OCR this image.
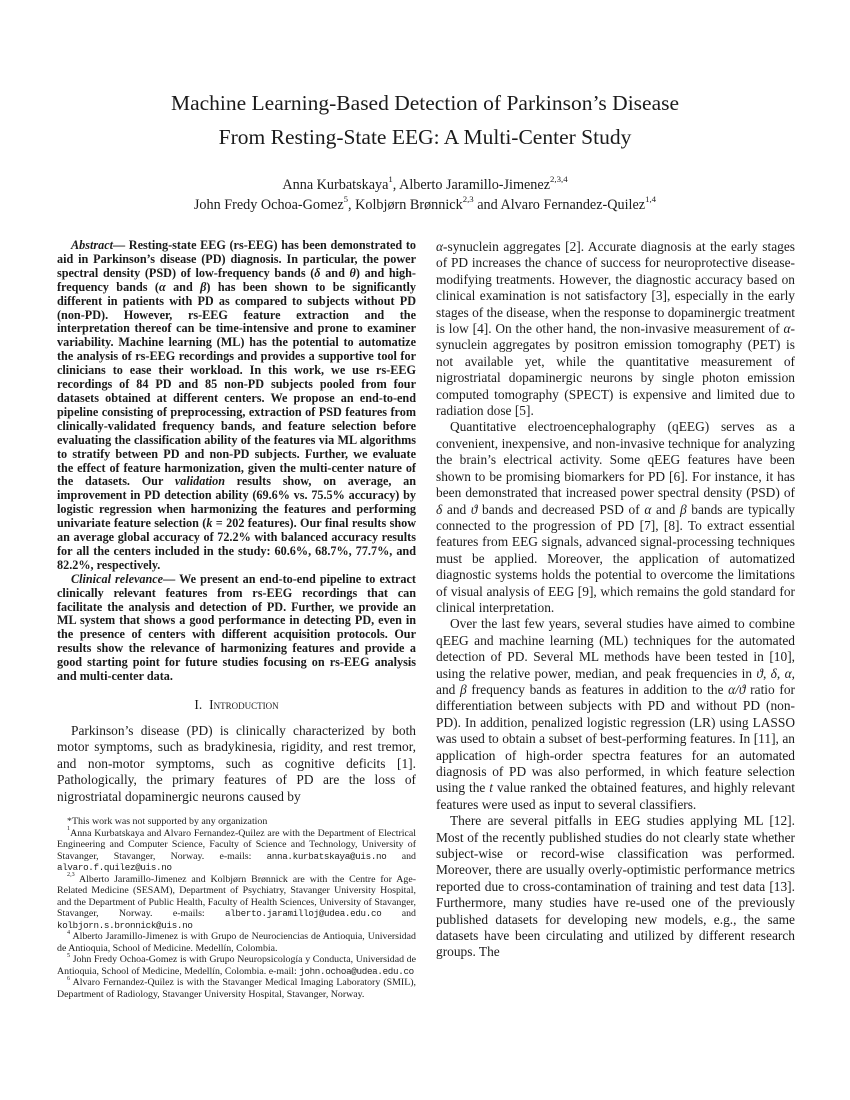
Machine Learning-Based Detection of Parkinson’s Disease
From Resting-State EEG: A Multi-Center Study
Anna Kurbatskaya$^1$, Alberto Jaramillo-Jimenez$^{2,3,4}$
John Fredy Ochoa-Gomez$^5$, Kolbjørn Brønnick$^{2,3}$ and Alvaro Fernandez-Quilez$^{1,4}$

Abstract— Resting-state EEG (rs-EEG) has been demonstrated to aid in Parkinson’s disease (PD) diagnosis. In particular, the power spectral density (PSD) of low-frequency bands (δ and θ) and high-frequency bands (α and β) has been shown to be significantly different in patients with PD as compared to subjects without PD (non-PD). However, rs-EEG feature extraction and the interpretation thereof can be time-intensive and prone to examiner variability. Machine learning (ML) has the potential to automatize the analysis of rs-EEG recordings and provides a supportive tool for clinicians to ease their workload. In this work, we use rs-EEG recordings of 84 PD and 85 non-PD subjects pooled from four datasets obtained at different centers. We propose an end-to-end pipeline consisting of preprocessing, extraction of PSD features from clinically-validated frequency bands, and feature selection before evaluating the classification ability of the features via ML algorithms to stratify between PD and non-PD subjects. Further, we evaluate the effect of feature harmonization, given the multi-center nature of the datasets. Our validation results show, on average, an improvement in PD detection ability (69.6% vs. 75.5% accuracy) by logistic regression when harmonizing the features and performing univariate feature selection (k = 202 features). Our final results show an average global accuracy of 72.2% with balanced accuracy results for all the centers included in the study: 60.6%, 68.7%, 77.7%, and 82.2%, respectively.

Clinical relevance— We present an end-to-end pipeline to extract clinically relevant features from rs-EEG recordings that can facilitate the analysis and detection of PD. Further, we provide an ML system that shows a good performance in detecting PD, even in the presence of centers with different acquisition protocols. Our results show the relevance of harmonizing features and provide a good starting point for future studies focusing on rs-EEG analysis and multi-center data.

I. Introduction

Parkinson’s disease (PD) is clinically characterized by both motor symptoms, such as bradykinesia, rigidity, and rest tremor, and non-motor symptoms, such as cognitive deficits [1]. Pathologically, the primary features of PD are the loss of nigrostriatal dopaminergic neurons caused by

*This work was not supported by any organization

$^1$Anna Kurbatskaya and Alvaro Fernandez-Quilez are with the Department of Electrical Engineering and Computer Science, Faculty of Science and Technology, University of Stavanger, Stavanger, Norway. e-mails: anna.kurbatskaya@uis.no and alvaro.f.quilez@uis.no

$^{2,3}$ Alberto Jaramillo-Jimenez and Kolbjørn Brønnick are with the Centre for Age-Related Medicine (SESAM), Department of Psychiatry, Stavanger University Hospital, and the Department of Public Health, Faculty of Health Sciences, University of Stavanger, Stavanger, Norway. e-mails: alberto.jaramilloj@udea.edu.co and kolbjorn.s.bronnick@uis.no

$^4$ Alberto Jaramillo-Jimenez is with Grupo de Neurociencias de Antioquia, Universidad de Antioquia, School of Medicine. Medellín, Colombia.

$^5$ John Fredy Ochoa-Gomez is with Grupo Neuropsicología y Conducta, Universidad de Antioquia, School of Medicine, Medellín, Colombia. e-mail: john.ochoa@udea.edu.co

$^6$ Alvaro Fernandez-Quilez is with the Stavanger Medical Imaging Laboratory (SMIL), Department of Radiology, Stavanger University Hospital, Stavanger, Norway.

α-synuclein aggregates [2]. Accurate diagnosis at the early stages of PD increases the chance of success for neuroprotective disease-modifying treatments. However, the diagnostic accuracy based on clinical examination is not satisfactory [3], especially in the early stages of the disease, when the response to dopaminergic treatment is low [4]. On the other hand, the non-invasive measurement of α-synuclein aggregates by positron emission tomography (PET) is not available yet, while the quantitative measurement of nigrostriatal dopaminergic neurons by single photon emission computed tomography (SPECT) is expensive and limited due to radiation dose [5].

Quantitative electroencephalography (qEEG) serves as a convenient, inexpensive, and non-invasive technique for analyzing the brain’s electrical activity. Some qEEG features have been shown to be promising biomarkers for PD [6]. For instance, it has been demonstrated that increased power spectral density (PSD) of δ and ϑ bands and decreased PSD of α and β bands are typically connected to the progression of PD [7], [8]. To extract essential features from EEG signals, advanced signal-processing techniques must be applied. Moreover, the application of automatized diagnostic systems holds the potential to overcome the limitations of visual analysis of EEG [9], which remains the gold standard for clinical interpretation.

Over the last few years, several studies have aimed to combine qEEG and machine learning (ML) techniques for the automated detection of PD. Several ML methods have been tested in [10], using the relative power, median, and peak frequencies in ϑ, δ, α, and β frequency bands as features in addition to the α/ϑ ratio for differentiation between subjects with PD and without PD (non-PD). In addition, penalized logistic regression (LR) using LASSO was used to obtain a subset of best-performing features. In [11], an application of high-order spectra features for an automated diagnosis of PD was also performed, in which feature selection using the t value ranked the obtained features, and highly relevant features were used as input to several classifiers.

There are several pitfalls in EEG studies applying ML [12]. Most of the recently published studies do not clearly state whether subject-wise or record-wise classification was performed. Moreover, there are usually overly-optimistic performance metrics reported due to cross-contamination of training and test data [13]. Furthermore, many studies have re-used one of the previously published datasets for developing new models, e.g., the same datasets have been circulating and utilized by different research groups. The
